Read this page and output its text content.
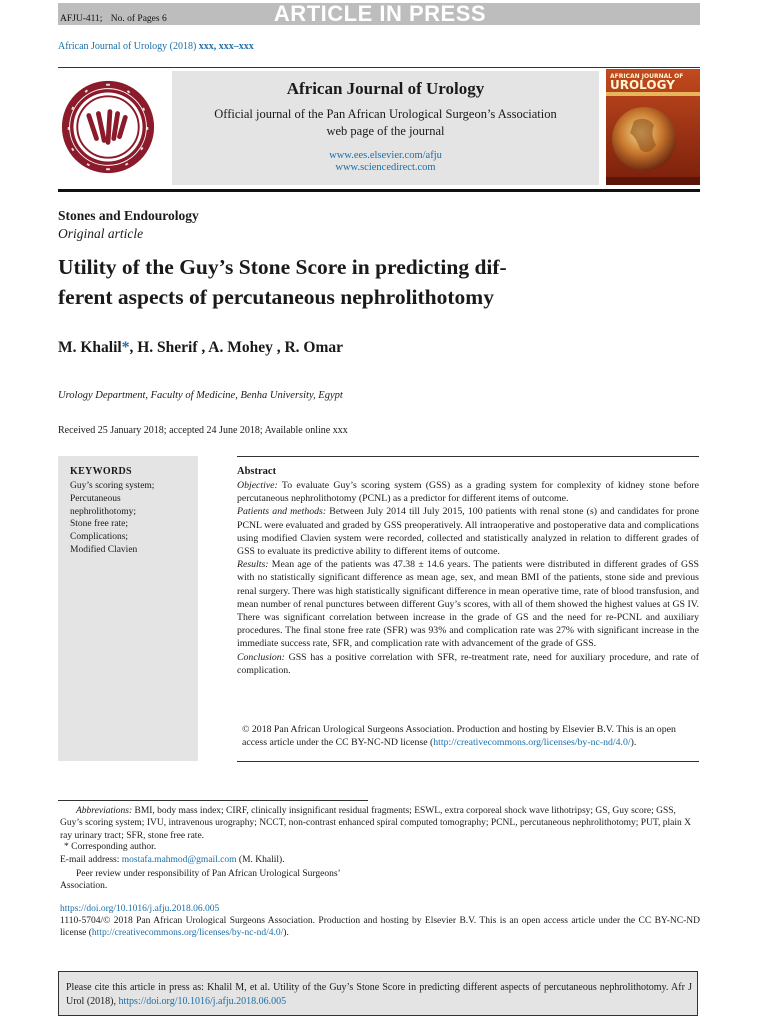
AFJU-411; No. of Pages 6	ARTICLE IN PRESS
African Journal of Urology (2018) xxx, xxx–xxx
African Journal of Urology
Official journal of the Pan African Urological Surgeon’s Association
web page of the journal
www.ees.elsevier.com/afju
www.sciencedirect.com
AFRICAN JOURNAL OF
UROLOGY
Stones and Endourology
Original article
Utility of the Guy’s Stone Score in predicting dif-
ferent aspects of percutaneous nephrolithotomy
M. Khalil*, H. Sherif , A. Mohey , R. Omar
Urology Department, Faculty of Medicine, Benha University, Egypt
Received 25 January 2018; accepted 24 June 2018; Available online xxx
KEYWORDS
Guy’s scoring system;
Percutaneous
nephrolithotomy;
Stone free rate;
Complications;
Modified Clavien
Abstract
Objective: To evaluate Guy’s scoring system (GSS) as a grading system for complexity of kidney stone before percutaneous nephrolithotomy (PCNL) as a predictor for different items of outcome.
Patients and methods: Between July 2014 till July 2015, 100 patients with renal stone (s) and candidates for prone PCNL were evaluated and graded by GSS preoperatively. All intraoperative and postoperative data and complications using modified Clavien system were recorded, collected and statistically analyzed in relation to different grades of GSS to evaluate its predictive ability to different items of outcome.
Results: Mean age of the patients was 47.38 ± 14.6 years. The patients were distributed in different grades of GSS with no statistically significant difference as mean age, sex, and mean BMI of the patients, stone side and previous renal surgery. There was high statistically significant difference in mean operative time, rate of blood transfusion, and mean number of renal punctures between different Guy’s scores, with all of them showed the highest values at GS IV. There was significant correlation between increase in the grade of GS and the need for re-PCNL and auxiliary procedures. The final stone free rate (SFR) was 93% and complication rate was 27% with significant increase in the immediate success rate, SFR, and complication rate with advancement of the grade of GSS.
Conclusion: GSS has a positive correlation with SFR, re-treatment rate, need for auxiliary procedure, and rate of complication.
© 2018 Pan African Urological Surgeons Association. Production and hosting by Elsevier B.V. This is an open access article under the CC BY-NC-ND license (http://creativecommons.org/licenses/by-nc-nd/4.0/).
Abbreviations: BMI, body mass index; CIRF, clinically insignificant residual fragments; ESWL, extra corporeal shock wave lithotripsy; GS, Guy score; GSS, Guy’s scoring system; IVU, intravenous urography; NCCT, non-contrast enhanced spiral computed tomography; PCNL, percutaneous nephrolithotomy; PUT, plain X ray urinary tract; SFR, stone free rate.
* Corresponding author.
E-mail address: mostafa.mahmod@gmail.com (M. Khalil).
Peer review under responsibility of Pan African Urological Surgeons’ Association.
https://doi.org/10.1016/j.afju.2018.06.005
1110-5704/© 2018 Pan African Urological Surgeons Association. Production and hosting by Elsevier B.V. This is an open access article under the CC BY-NC-ND license (http://creativecommons.org/licenses/by-nc-nd/4.0/).
Please cite this article in press as: Khalil M, et al. Utility of the Guy’s Stone Score in predicting different aspects of percutaneous nephrolithotomy. Afr J Urol (2018), https://doi.org/10.1016/j.afju.2018.06.005
